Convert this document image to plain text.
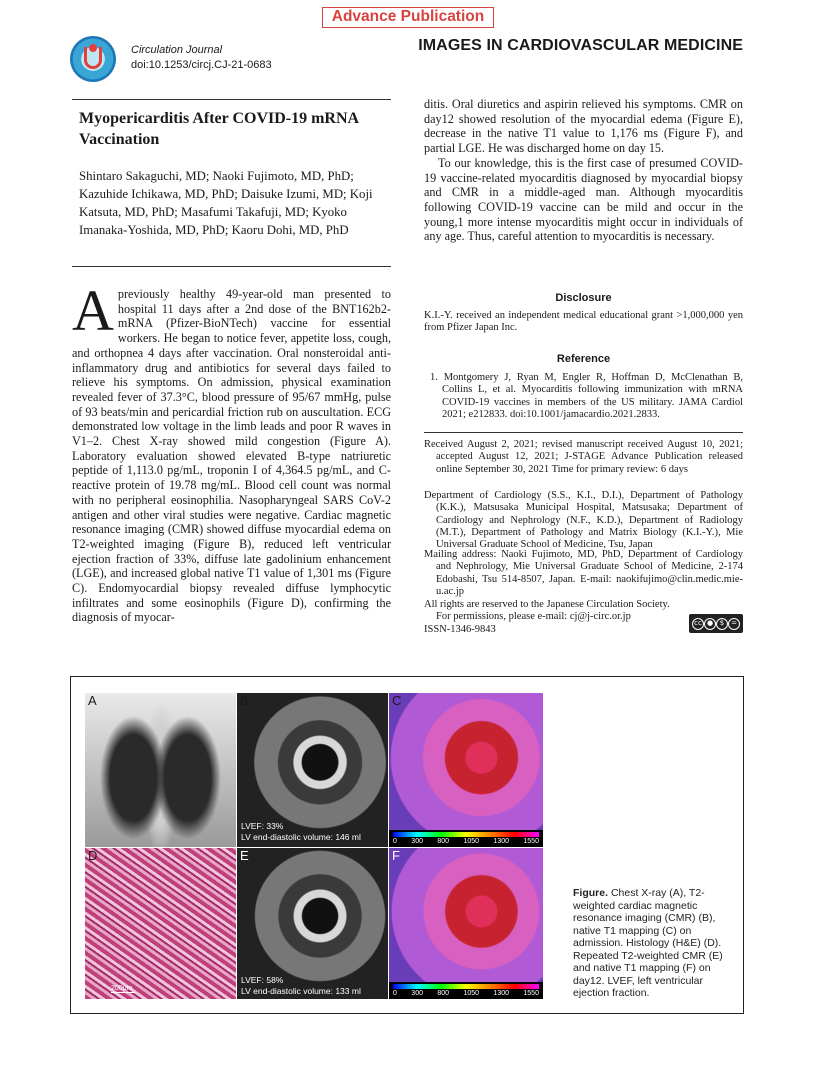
Advance Publication
Circulation Journal
doi:10.1253/circj.CJ-21-0683
IMAGES IN CARDIOVASCULAR MEDICINE
Myopericarditis After COVID-19 mRNA Vaccination
Shintaro Sakaguchi, MD; Naoki Fujimoto, MD, PhD; Kazuhide Ichikawa, MD, PhD; Daisuke Izumi, MD; Koji Katsuta, MD, PhD; Masafumi Takafuji, MD; Kyoko Imanaka-Yoshida, MD, PhD; Kaoru Dohi, MD, PhD

Apreviously healthy 49-year-old man presented to hospital 11 days after a 2nd dose of the BNT162b2-mRNA (Pfizer-BioNTech) vaccine for essential workers. He began to notice fever, appetite loss, cough, and orthopnea 4 days after vaccination. Oral nonsteroidal anti-inflammatory drug and antibiotics for several days failed to relieve his symptoms. On admission, physical examination revealed fever of 37.3°C, blood pressure of 95/67 mmHg, pulse of 93 beats/min and pericardial friction rub on auscultation. ECG demonstrated low voltage in the limb leads and poor R waves in V1–2. Chest X-ray showed mild congestion (Figure A). Laboratory evaluation showed elevated B-type natriuretic peptide of 1,113.0 pg/mL, troponin I of 4,364.5 pg/mL, and C-reactive protein of 19.78 mg/mL. Blood cell count was normal with no peripheral eosinophilia. Nasopharyngeal SARS CoV-2 antigen and other viral studies were negative. Cardiac magnetic resonance imaging (CMR) showed diffuse myocardial edema on T2-weighted imaging (Figure B), reduced left ventricular ejection fraction of 33%, diffuse late gadolinium enhancement (LGE), and increased global native T1 value of 1,301 ms (Figure C). Endomyocardial biopsy revealed diffuse lymphocytic infiltrates and some eosinophils (Figure D), confirming the diagnosis of myocar-

ditis. Oral diuretics and aspirin relieved his symptoms. CMR on day12 showed resolution of the myocardial edema (Figure E), decrease in the native T1 value to 1,176 ms (Figure F), and partial LGE. He was discharged home on day 15.

To our knowledge, this is the first case of presumed COVID-19 vaccine-related myocarditis diagnosed by myocardial biopsy and CMR in a middle-aged man. Although myocarditis following COVID-19 vaccine can be mild and occur in the young,1 more intense myocarditis might occur in individuals of any age. Thus, careful attention to myocarditis is necessary.

Disclosure
K.I.-Y. received an independent medical educational grant >1,000,000 yen from Pfizer Japan Inc.
Reference
1. Montgomery J, Ryan M, Engler R, Hoffman D, McClenathan B, Collins L, et al. Myocarditis following immunization with mRNA COVID-19 vaccines in members of the US military. JAMA Cardiol 2021; e212833. doi:10.1001/jamacardio.2021.2833.
Received August 2, 2021; revised manuscript received August 10, 2021; accepted August 12, 2021; J-STAGE Advance Publication released online September 30, 2021 Time for primary review: 6 days
Department of Cardiology (S.S., K.I., D.I.), Department of Pathology (K.K.), Matsusaka Municipal Hospital, Matsusaka; Department of Cardiology and Nephrology (N.F., K.D.), Department of Radiology (M.T.), Department of Pathology and Matrix Biology (K.I.-Y.), Mie Universal Graduate School of Medicine, Tsu, Japan
Mailing address: Naoki Fujimoto, MD, PhD, Department of Cardiology and Nephrology, Mie Universal Graduate School of Medicine, 2-174 Edobashi, Tsu 514-8507, Japan. E-mail: naokifujimo@clin.medic.mie-u.ac.jp
All rights are reserved to the Japanese Circulation Society.
For permissions, please e-mail: cj@j-circ.or.jp
ISSN-1346-9843
cc ● $ =
A	B
LVEF: 33%
LV end-diastolic volume: 146 ml
C
0 300 800 1050 1300 1550
D
200μm
E
LVEF: 58%
LV end-diastolic volume: 133 ml
F
0 300 800 1050 1300 1550
Figure. Chest X-ray (A), T2-weighted cardiac magnetic resonance imaging (CMR) (B), native T1 mapping (C) on admission. Histology (H&E) (D). Repeated T2-weighted CMR (E) and native T1 mapping (F) on day12. LVEF, left ventricular ejection fraction.
